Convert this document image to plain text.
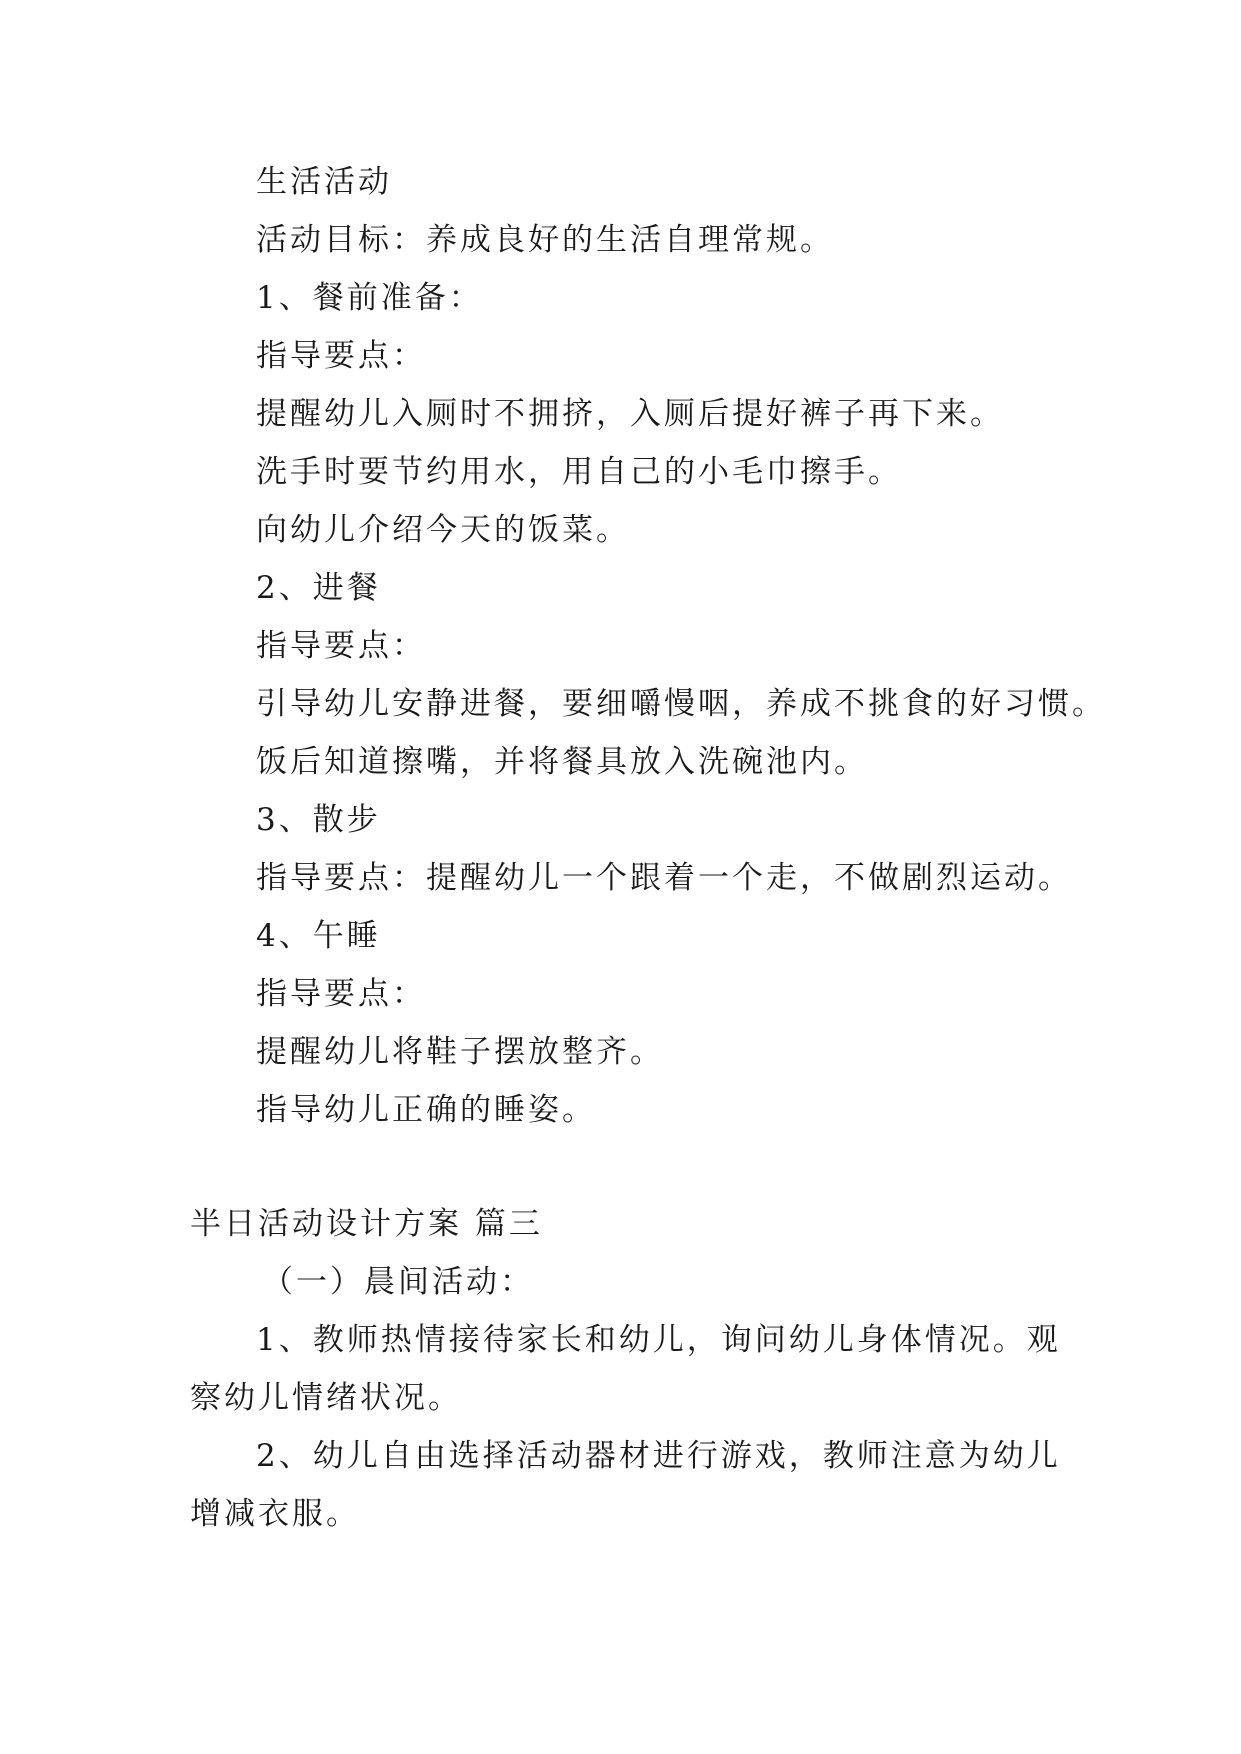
生活活动
活动目标：养成良好的生活自理常规。
1、餐前准备：
指导要点：
提醒幼儿入厕时不拥挤，入厕后提好裤子再下来。
洗手时要节约用水，用自己的小毛巾擦手。
向幼儿介绍今天的饭菜。
2、进餐
指导要点：
引导幼儿安静进餐，要细嚼慢咽，养成不挑食的好习惯。
饭后知道擦嘴，并将餐具放入洗碗池内。
3、散步
指导要点：提醒幼儿一个跟着一个走，不做剧烈运动。
4、午睡
指导要点：
提醒幼儿将鞋子摆放整齐。
指导幼儿正确的睡姿。
半日活动设计方案 篇三
（一）晨间活动：
1、教师热情接待家长和幼儿，询问幼儿身体情况。观
察幼儿情绪状况。
2、幼儿自由选择活动器材进行游戏，教师注意为幼儿
增减衣服。
